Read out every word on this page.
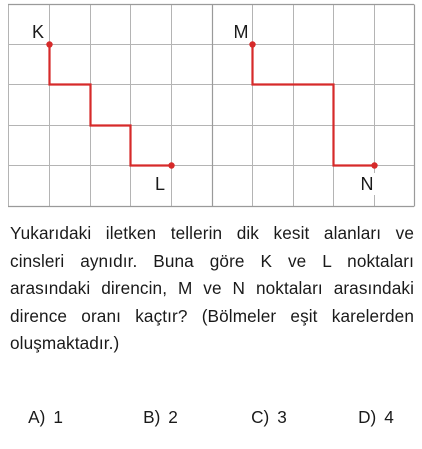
K
L
M
N
Yukarıdaki iletken tellerin dik kesit alanları ve cinsleri aynıdır. Buna göre K ve L noktaları arasındaki direncin, M ve N noktaları arasındaki dirence oranı kaçtır? (Bölmeler eşit karelerden oluşmaktadır.)

A) 1
	B) 2
	C) 3
	D) 4
